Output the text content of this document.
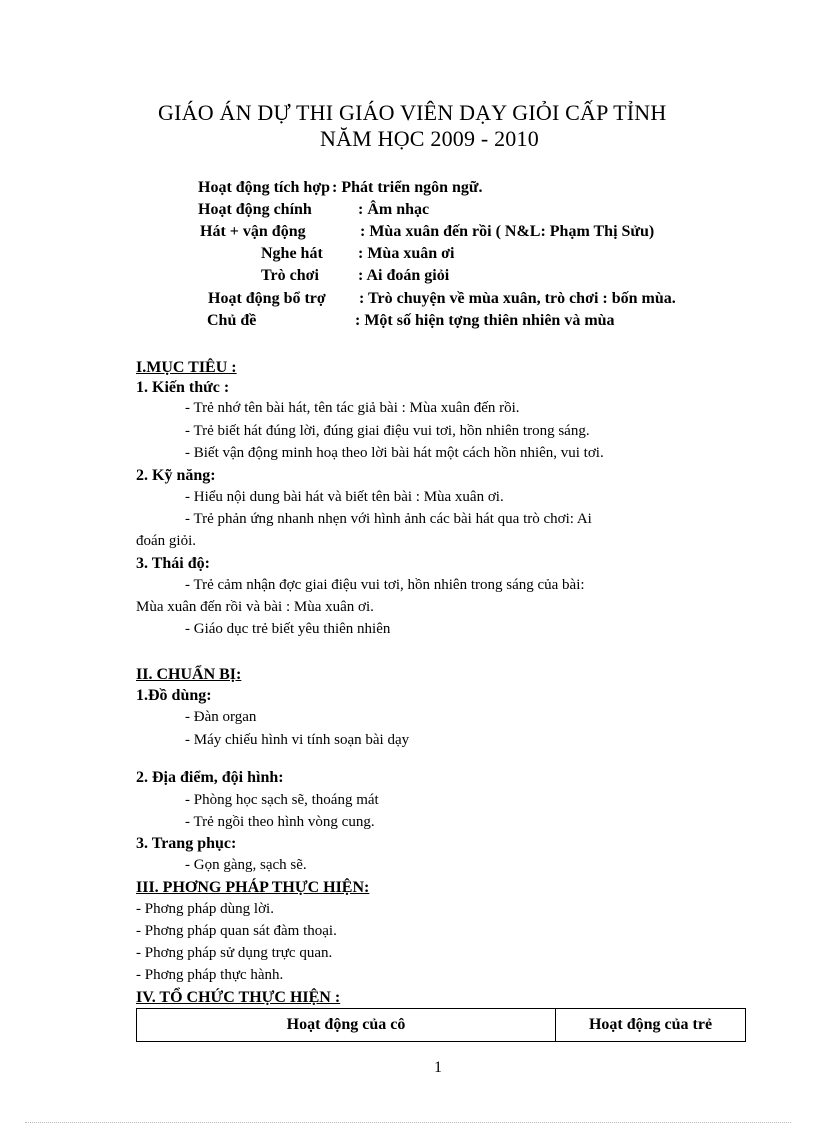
GIÁO ÁN DỰ THI GIÁO VIÊN DẠY GIỎI CẤP TỈNH
NĂM HỌC 2009 - 2010
Hoạt động tích hợp : Phát triển ngôn ngữ.
Hoạt động chính	: Âm nhạc
Hát + vận động	: Mùa xuân đến rồi ( N&L: Phạm Thị Sửu)
Nghe hát : Mùa xuân ơi
Trò chơi : Ai đoán giỏi
Hoạt động bổ trợ : Trò chuyện về mùa xuân, trò chơi : bốn mùa.
Chủ đề	: Một số hiện tợng thiên nhiên và mùa
I.MỤC TIÊU :
1. Kiến thức :
- Trẻ nhớ tên bài hát, tên tác giả bài : Mùa xuân đến rồi.
- Trẻ biết hát đúng lời, đúng giai điệu vui tơi, hồn nhiên trong sáng.
- Biết vận động minh hoạ theo lời bài hát một cách hồn nhiên, vui tơi.
2. Kỹ năng:
- Hiểu nội dung bài hát và biết tên bài : Mùa xuân ơi.
- Trẻ phản ứng nhanh nhẹn với hình ảnh các bài hát qua trò chơi: Ai
đoán giỏi.
3. Thái độ:
- Trẻ cảm nhận đợc giai điệu vui tơi, hồn nhiên trong sáng của bài:
Mùa xuân đến rồi và bài : Mùa xuân ơi.
- Giáo dục trẻ biết yêu thiên nhiên
II. CHUẨN BỊ:
1.Đồ dùng:
- Đàn organ
- Máy chiếu hình vi tính soạn bài dạy
2. Địa điểm, đội hình:
- Phòng học sạch sẽ, thoáng mát
- Trẻ ngồi theo hình vòng cung.
3. Trang phục:
- Gọn gàng, sạch sẽ.
III. PHƠNG PHÁP THỰC HIỆN:
- Phơng pháp dùng lời.
- Phơng pháp quan sát đàm thoại.
- Phơng pháp sử dụng trực quan.
- Phơng pháp thực hành.
IV. TỔ CHỨC THỰC HIỆN :
Hoạt động của cô	Hoạt động của trẻ
1
